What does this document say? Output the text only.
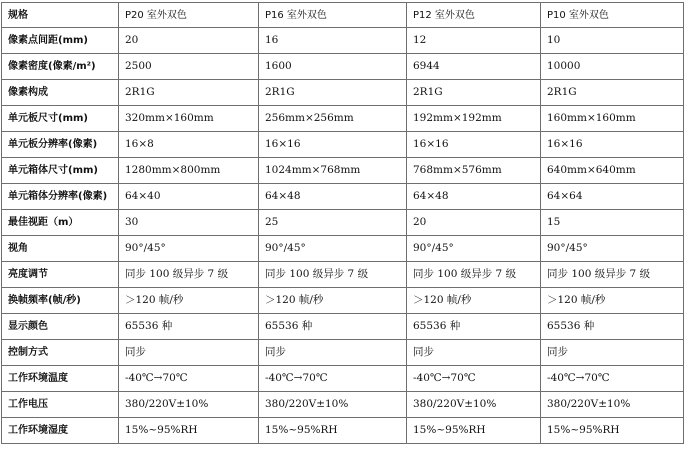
规格	P20 室外双色	P16 室外双色	P12 室外双色	P10 室外双色
像素点间距(mm)	20	16	12	10
像素密度(像素/m²)	2500	1600	6944	10000
像素构成	2R1G	2R1G	2R1G	2R1G
单元板尺寸(mm)	320mm×160mm	256mm×256mm	192mm×192mm	160mm×160mm
单元板分辨率(像素)	16×8	16×16	16×16	16×16
单元箱体尺寸(mm)	1280mm×800mm	1024mm×768mm	768mm×576mm	640mm×640mm
单元箱体分辨率(像素)	64×40	64×48	64×48	64×64
最佳视距（m）	30	25	20	15
视角	90°/45°	90°/45°	90°/45°	90°/45°
亮度调节	同步 100 级异步 7 级	同步 100 级异步 7 级	同步 100 级异步 7 级	同步 100 级异步 7 级
换帧频率(帧/秒)	＞120 帧/秒	＞120 帧/秒	＞120 帧/秒	＞120 帧/秒
显示颜色	65536 种	65536 种	65536 种	65536 种
控制方式	同步	同步	同步	同步
工作环境温度	-40℃→70℃	-40℃→70℃	-40℃→70℃	-40℃→70℃
工作电压	380/220V±10%	380/220V±10%	380/220V±10%	380/220V±10%
工作环境湿度	15%~95%RH	15%~95%RH	15%~95%RH	15%~95%RH
